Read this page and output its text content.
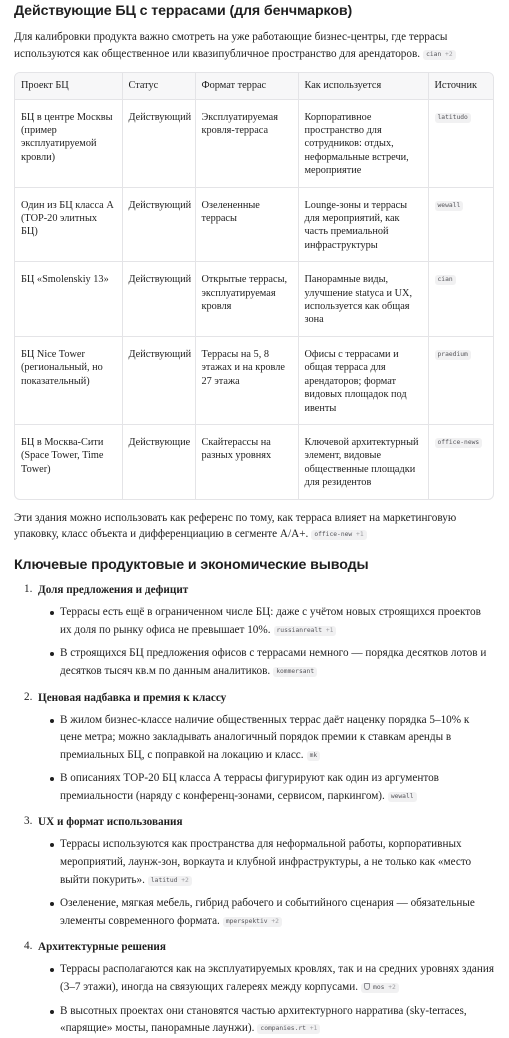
Действующие БЦ с террасами (для бенчмарков)

Для калибровки продукта важно смотреть на уже работающие бизнес-центры, где террасы используются как общественное или квазипубличное пространство для арендаторов. cian +2

Проект БЦ	Статус	Формат террас	Как используется	Источник
БЦ в центре Москвы (пример эксплуатируемой кровли)	Действующий	Эксплуатируемая кровля-терраса	Корпоративное пространство для сотрудников: отдых, неформальные встречи, мероприятие	latitudo
Один из БЦ класса А (ТОР-20 элитных БЦ)	Действующий	Озелененные террасы	Lounge-зоны и террасы для мероприятий, как часть премиальной инфраструктуры	wewall
БЦ «Smolenskiy 13»	Действующий	Открытые террасы, эксплуатируемая кровля	Панорамные виды, улучшение statyca и UX, используется как общая зона	cian
БЦ Nice Tower (региональный, но показательный)	Действующий	Террасы на 5, 8 этажах и на кровле 27 этажа	Офисы с террасами и общая терраса для арендаторов; формат видовых площадок под ивенты	praedium
БЦ в Москва-Сити (Space Tower, Time Tower)	Действующие	Скайтерассы на разных уровнях	Ключевой архитектурный элемент, видовые общественные площадки для резидентов	office-news

Эти здания можно использовать как референс по тому, как терраса влияет на маркетинговую упаковку, класс объекта и дифференциацию в сегменте А/А+. office-new +1

Ключевые продуктовые и экономические выводы
1. Доля предложения и дефицит
Террасы есть ещё в ограниченном числе БЦ: даже с учётом новых строящихся проектов их доля по рынку офиса не превышает 10%. russianrealt +1
В строящихся БЦ предложения офисов с террасами немного — порядка десятков лотов и десятков тысяч кв.м по данным аналитиков. kommersant
2. Ценовая надбавка и премия к классу
В жилом бизнес-классе наличие общественных террас даёт наценку порядка 5–10% к цене метра; можно закладывать аналогичный порядок премии к ставкам аренды в премиальных БЦ, с поправкой на локацию и класс. mk
В описаниях ТОР-20 БЦ класса А террасы фигурируют как один из аргументов премиальности (наряду с конференц-зонами, сервисом, паркингом). wewall
3. UX и формат использования
Террасы используются как пространства для неформальной работы, корпоративных мероприятий, лаунж-зон, воркаута и клубной инфраструктуры, а не только как «место выйти покурить». latitud +2
Озеленение, мягкая мебель, гибрид рабочего и событийного сценария — обязательные элементы современного формата. mperspektiv +2
4. Архитектурные решения
Террасы располагаются как на эксплуатируемых кровлях, так и на средних уровнях здания (3–7 этажи), иногда на связующих галереях между корпусами. mos +2
В высотных проектах они становятся частью архитектурного нарратива (sky-terraces, «парящие» мосты, панорамные лаунжи). companies.rt +1
